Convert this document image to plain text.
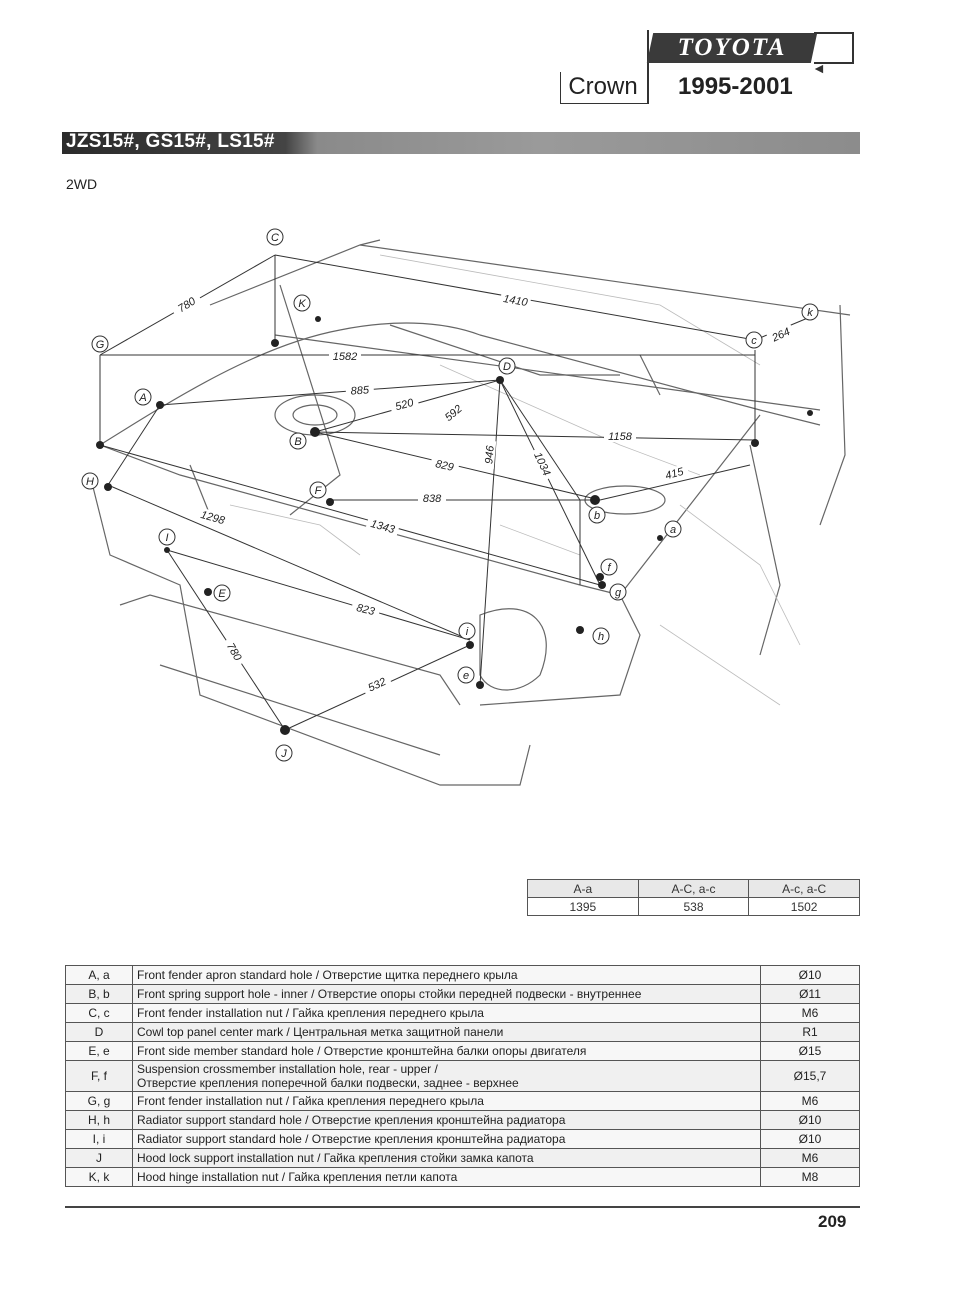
TOYOTA
◄
Crown	1995-2001
JZS15#, GS15#, LS15#
2WD
C
K
k
G	c
D
A
B
H
F
b
a
I
E
f
g
h
i
e
J
780	1410
264
1582
885
520	592
1158
946	1034
829	415
838
1298	1343
823
780
532
A-a	A-C, a-c	A-c, a-C
1395	538	1502
A, a	Front fender apron standard hole / Отверстие щитка переднего крыла	Ø10
B, b	Front spring support hole - inner / Отверстие опоры стойки передней подвески - внутреннее	Ø11
C, c	Front fender installation nut / Гайка крепления переднего крыла	M6
D	Cowl top panel center mark / Центральная метка защитной панели	R1
E, e	Front side member standard hole / Отверстие кронштейна балки опоры двигателя	Ø15
F, f	Suspension crossmember installation hole, rear - upper /
Отверстие крепления поперечной балки подвески, заднее - верхнее	Ø15,7
G, g	Front fender installation nut / Гайка крепления переднего крыла	M6
H, h	Radiator support standard hole / Отверстие крепления кронштейна радиатора	Ø10
I, i	Radiator support standard hole / Отверстие крепления кронштейна радиатора	Ø10
J	Hood lock support installation nut / Гайка крепления стойки замка капота	M6
K, k	Hood hinge installation nut / Гайка крепления петли капота	M8
209
